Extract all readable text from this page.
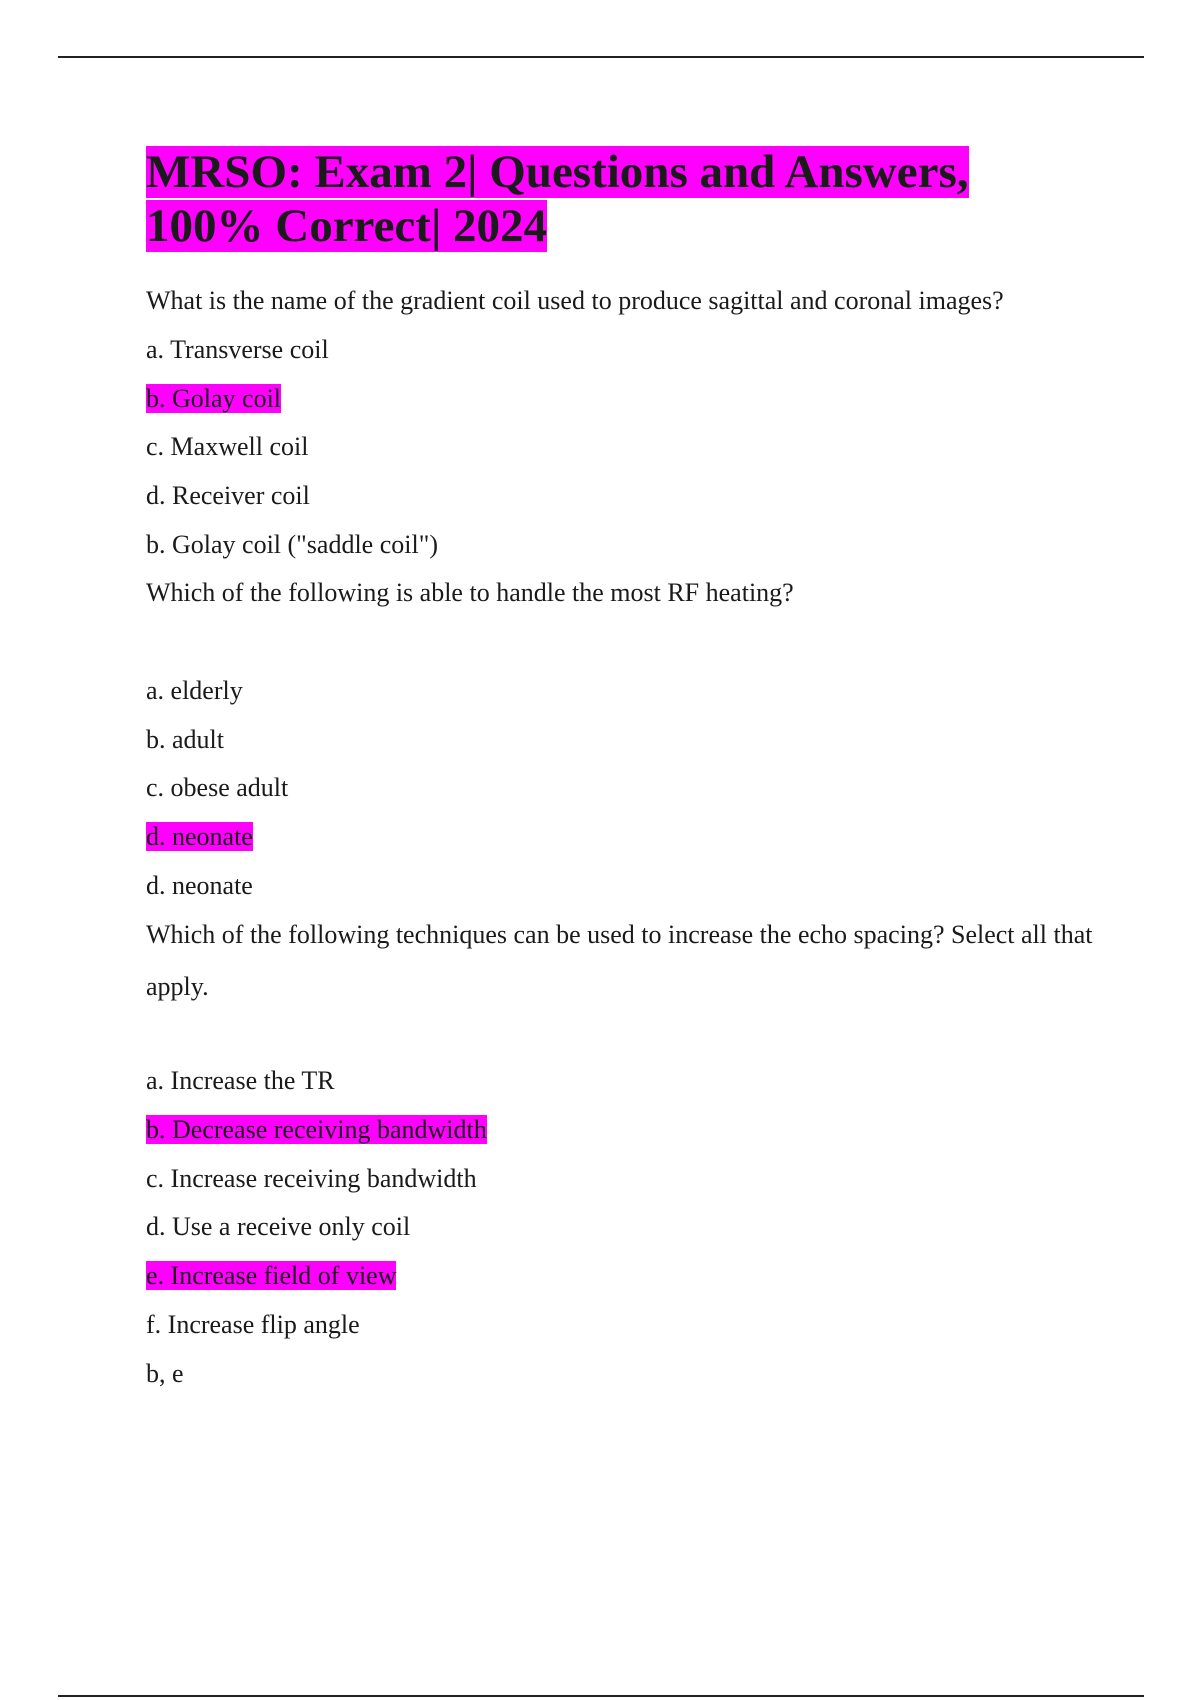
MRSO: Exam 2| Questions and Answers,
100% Correct| 2024

What is the name of the gradient coil used to produce sagittal and coronal images?

a. Transverse coil

b. Golay coil

c. Maxwell coil

d. Receiver coil

b. Golay coil ("saddle coil")

Which of the following is able to handle the most RF heating?

a. elderly

b. adult

c. obese adult

d. neonate

d. neonate

Which of the following techniques can be used to increase the echo spacing? Select all that apply.

a. Increase the TR

b. Decrease receiving bandwidth

c. Increase receiving bandwidth

d. Use a receive only coil

e. Increase field of view

f. Increase flip angle

b, e
